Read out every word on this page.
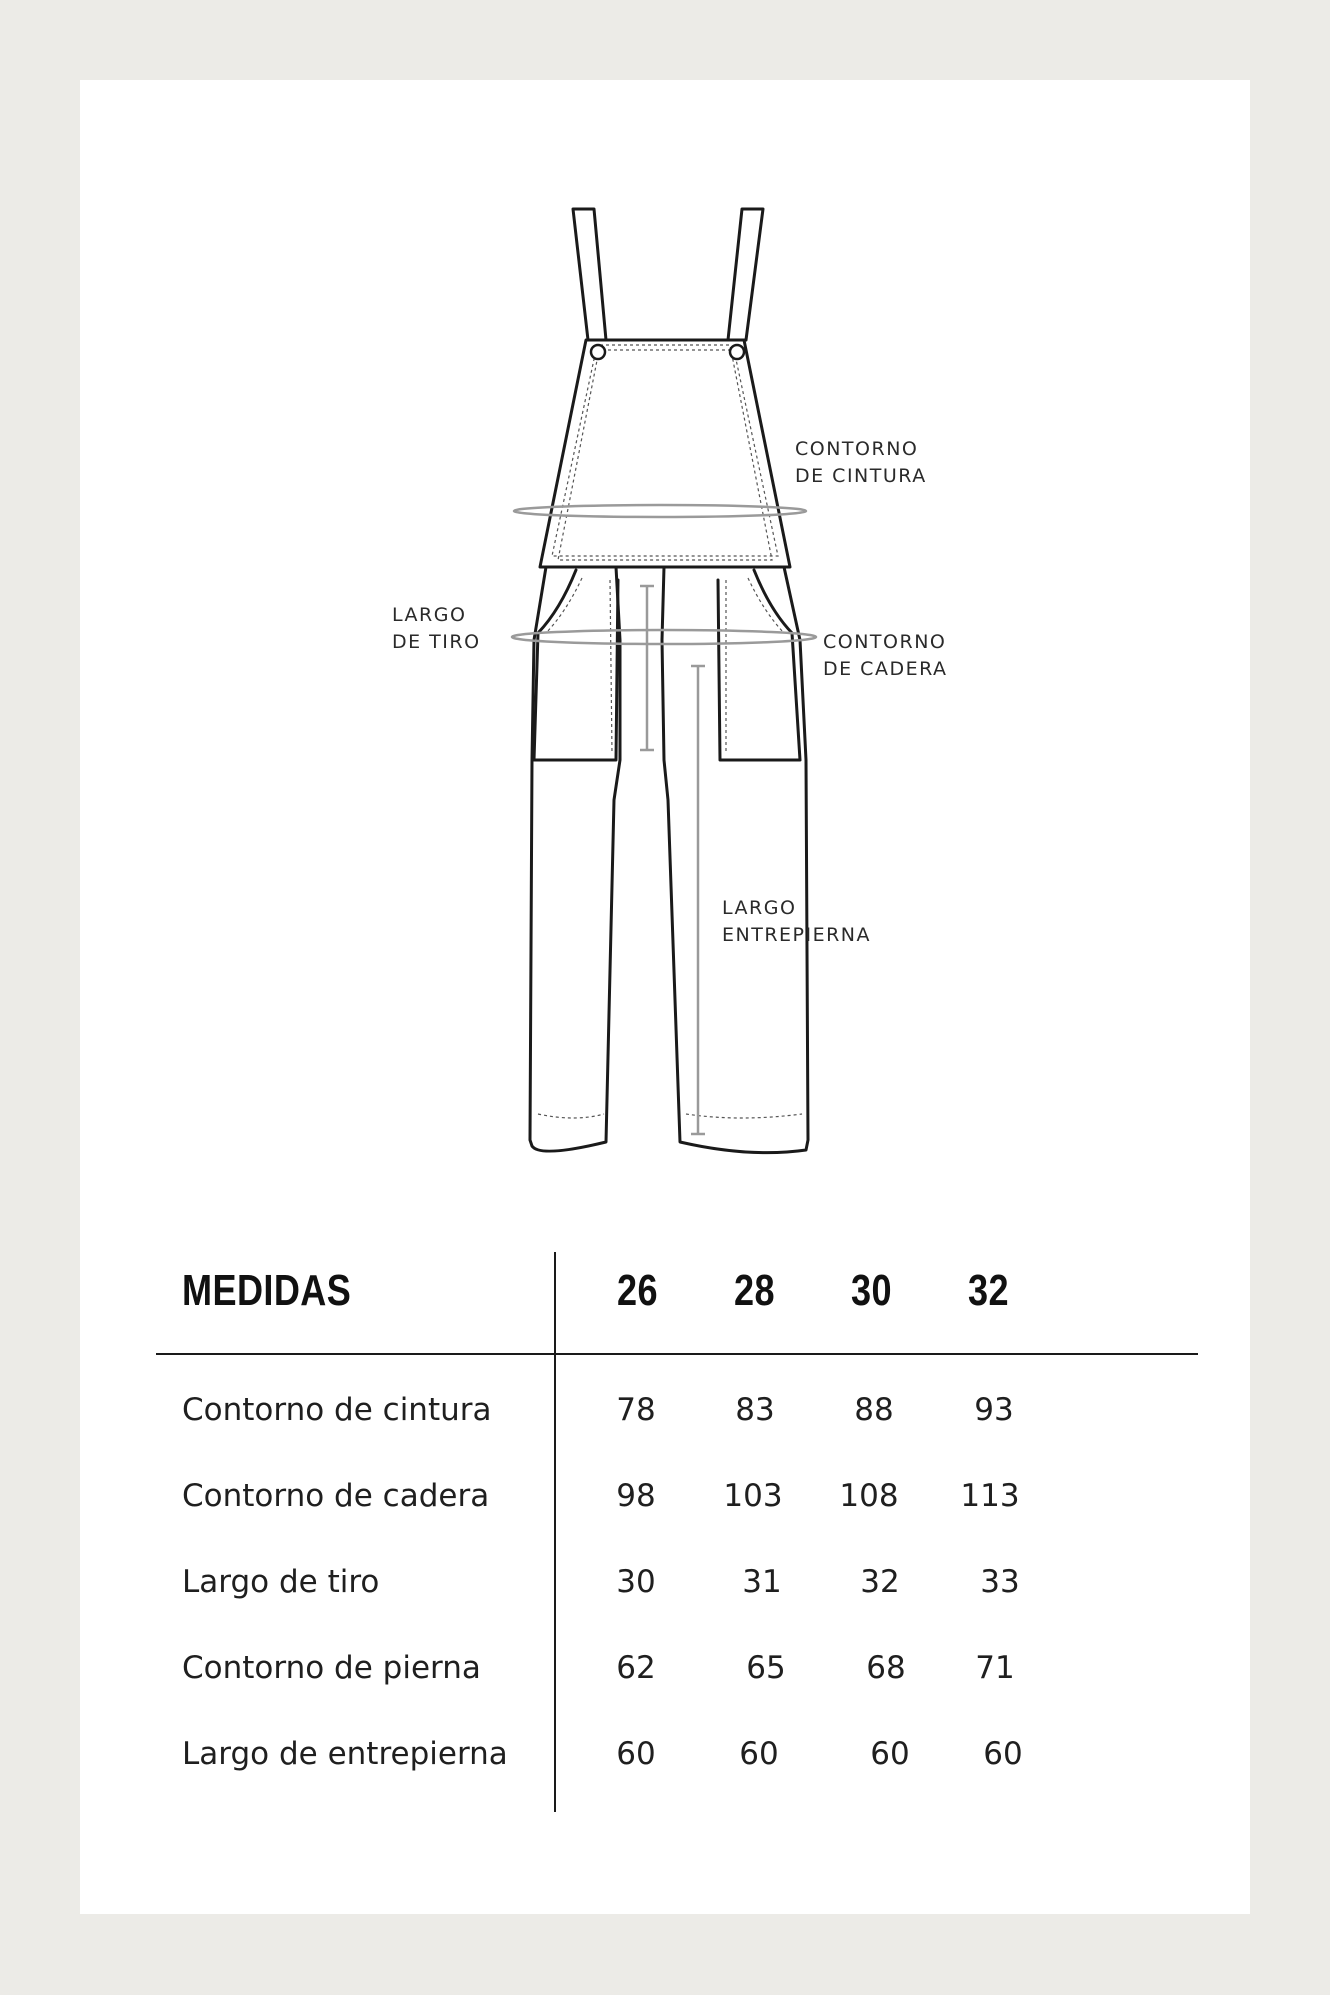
CONTORNO
DE CINTURA
LARGO
DE TIRO	CONTORNO
DE CADERA
LARGO
ENTREPIERNA
MEDIDAS	26 28 30 32
Contorno de cintura	78	83	88	93
Contorno de cadera	98	103	108	113
Largo de tiro	30	31	32	33
Contorno de pierna	62	65	68	71
Largo de entrepierna	60	60	60	60
